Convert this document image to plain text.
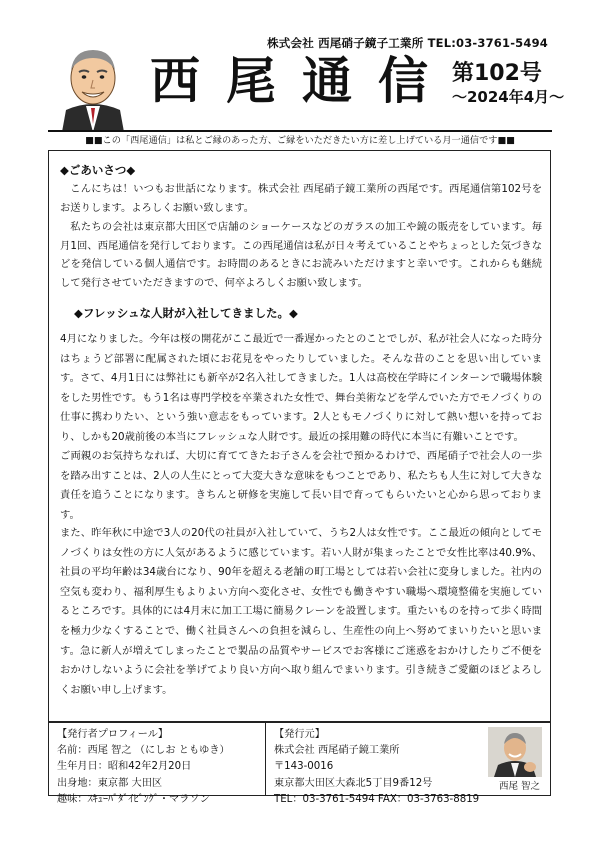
株式会社 西尾硝子鏡子工業所 TEL:03-3761-5494
西尾通信
第102号
～2024年4月～
■■この「西尾通信」は私とご縁のあった方、ご縁をいただきたい方に差し上げている月一通信です■■
◆ごあいさつ◆

こんにちは！いつもお世話になります。株式会社 西尾硝子鏡工業所の西尾です。西尾通信第102号をお送りします。よろしくお願い致します。

私たちの会社は東京都大田区で店舗のショーケースなどのガラスの加工や鏡の販売をしています。毎月1回、西尾通信を発行しております。この西尾通信は私が日々考えていることやちょっとした気づきなどを発信している個人通信です。お時間のあるときにお読みいただけますと幸いです。これからも継続して発行させていただきますので、何卒よろしくお願い致します。

◆フレッシュな人財が入社してきました。◆

4月になりました。今年は桜の開花がここ最近で一番遅かったとのことでしが、私が社会人になった時分はちょうど部署に配属された頃にお花見をやったりしていました。そんな昔のことを思い出しています。さて、4月1日には弊社にも新卒が2名入社してきました。1人は高校在学時にインターンで職場体験をした男性です。もう1名は専門学校を卒業された女性で、舞台美術などを学んでいた方でモノづくりの仕事に携わりたい、という強い意志をもっています。2人ともモノづくりに対して熱い想いを持っており、しかも20歳前後の本当にフレッシュな人財です。最近の採用難の時代に本当に有難いことです。

ご両親のお気持ちなれば、大切に育ててきたお子さんを会社で預かるわけで、西尾硝子で社会人の一歩を踏み出すことは、2人の人生にとって大変大きな意味をもつことであり、私たちも人生に対して大きな責任を追うことになります。きちんと研修を実施して長い目で育ってもらいたいと心から思っております。

また、昨年秋に中途で3人の20代の社員が入社していて、うち2人は女性です。ここ最近の傾向としてモノづくりは女性の方に人気があるように感じています。若い人財が集まったことで女性比率は40.9%、社員の平均年齢は34歳台になり、90年を超える老舗の町工場としては若い会社に変身しました。社内の空気も変わり、福利厚生もよりよい方向へ変化させ、女性でも働きやすい職場へ環境整備を実施しているところです。具体的には4月末に加工工場に簡易クレーンを設置します。重たいものを持って歩く時間を極力少なくすることで、働く社員さんへの負担を減らし、生産性の向上へ努めてまいりたいと思います。急に新人が増えてしまったことで製品の品質やサービスでお客様にご迷惑をおかけしたりご不便をおかけしないように会社を挙げてより良い方向へ取り組んでまいります。引き続きご愛顧のほどよろしくお願い申し上げます。

【発行者プロフィール】
名前：西尾 智之 （にしお ともゆき）
生年月日：昭和42年2月20日
出身地：東京都 大田区
趣味：ｽｷｭｰﾊﾞﾀﾞｲﾋﾞﾝｸﾞ・マラソン
【発行元】
株式会社 西尾硝子鏡工業所
〒143-0016
東京都大田区大森北5丁目9番12号
TEL：03-3761-5494 FAX：03-3763-8819
西尾 智之
